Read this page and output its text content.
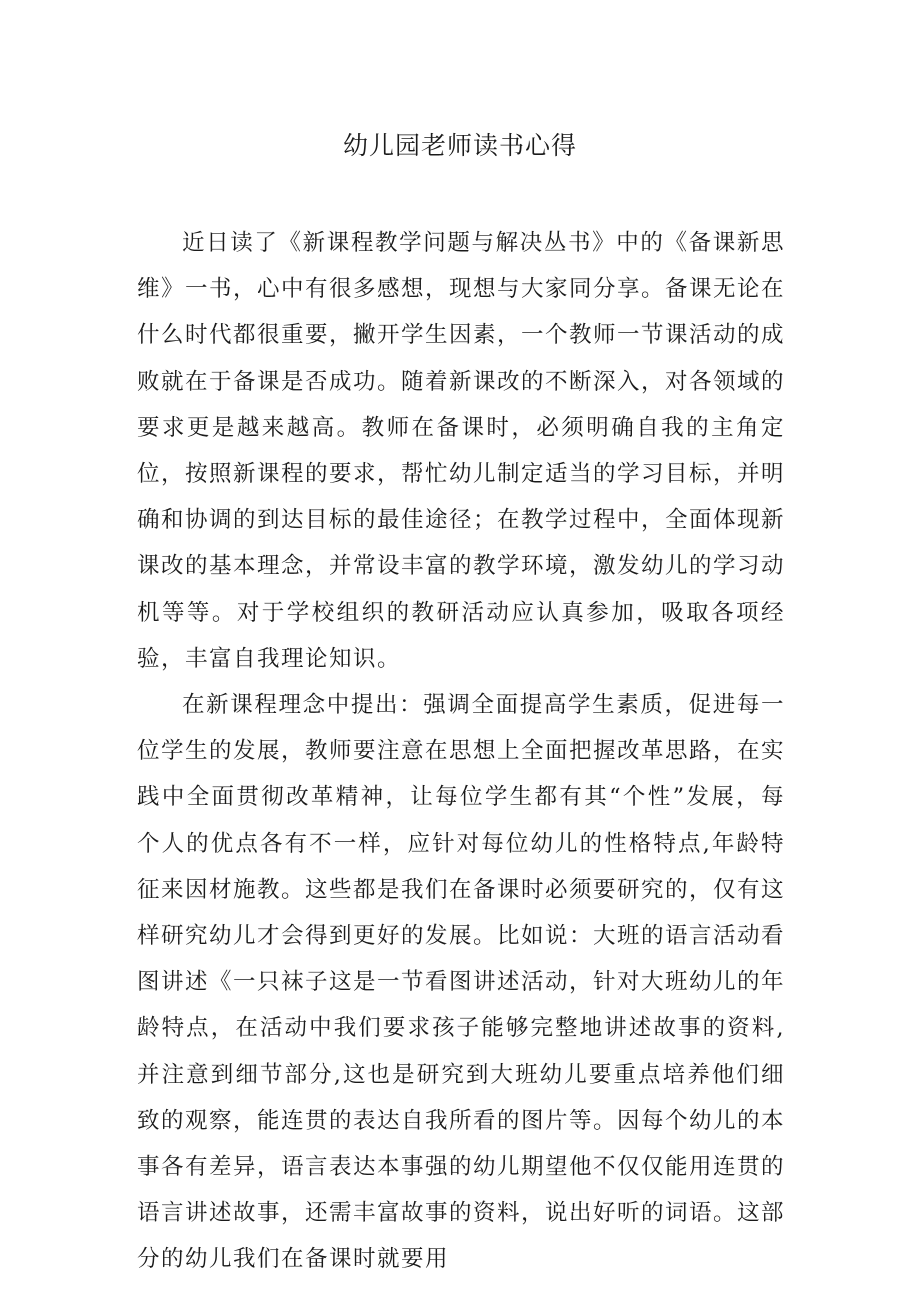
幼儿园老师读书心得

近日读了《新课程教学问题与解决丛书》中的《备课新思维》一书，心中有很多感想，现想与大家同分享。备课无论在什么时代都很重要，撇开学生因素，一个教师一节课活动的成败就在于备课是否成功。随着新课改的不断深入，对各领域的要求更是越来越高。教师在备课时，必须明确自我的主角定位，按照新课程的要求，帮忙幼儿制定适当的学习目标，并明确和协调的到达目标的最佳途径；在教学过程中，全面体现新课改的基本理念，并常设丰富的教学环境，激发幼儿的学习动机等等。对于学校组织的教研活动应认真参加，吸取各项经验，丰富自我理论知识。

在新课程理念中提出：强调全面提高学生素质，促进每一位学生的发展，教师要注意在思想上全面把握改革思路，在实践中全面贯彻改革精神，让每位学生都有其“个性”发展，每个人的优点各有不一样，应针对每位幼儿的性格特点,年龄特征来因材施教。这些都是我们在备课时必须要研究的，仅有这样研究幼儿才会得到更好的发展。比如说：大班的语言活动看图讲述《一只袜子这是一节看图讲述活动，针对大班幼儿的年龄特点，在活动中我们要求孩子能够完整地讲述故事的资料,并注意到细节部分,这也是研究到大班幼儿要重点培养他们细致的观察，能连贯的表达自我所看的图片等。因每个幼儿的本事各有差异，语言表达本事强的幼儿期望他不仅仅能用连贯的语言讲述故事，还需丰富故事的资料，说出好听的词语。这部分的幼儿我们在备课时就要用
